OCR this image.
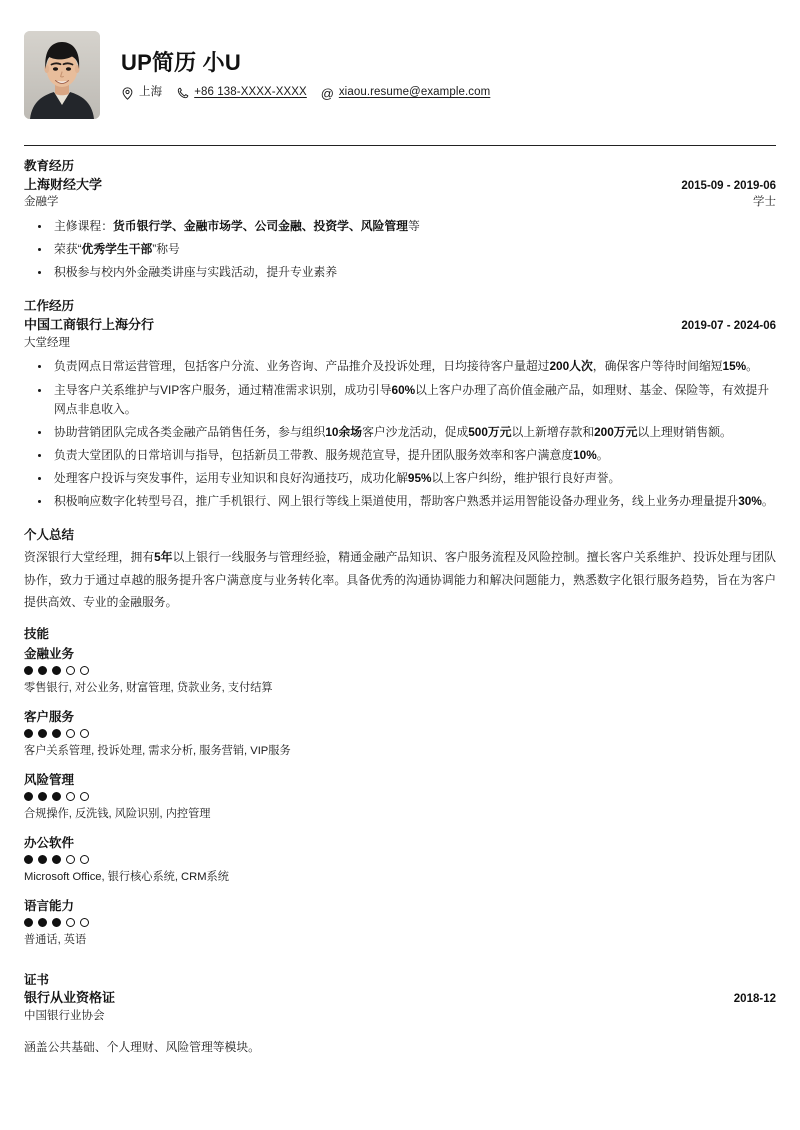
UP简历 小U
上海	+86 138-XXXX-XXXX @ xiaou.resume@example.com
教育经历
上海财经大学	2015-09 - 2019-06
金融学	学士
主修课程：货币银行学、金融市场学、公司金融、投资学、风险管理等
荣获“优秀学生干部”称号
积极参与校内外金融类讲座与实践活动，提升专业素养
工作经历
中国工商银行上海分行	2019-07 - 2024-06
大堂经理
负责网点日常运营管理，包括客户分流、业务咨询、产品推介及投诉处理，日均接待客户量超过200人次，确保客户等待时间缩短15%。
主导客户关系维护与VIP客户服务，通过精准需求识别，成功引导60%以上客户办理了高价值金融产品，如理财、基金、保险等，有效提升网点非息收入。
协助营销团队完成各类金融产品销售任务，参与组织10余场客户沙龙活动，促成500万元以上新增存款和200万元以上理财销售额。
负责大堂团队的日常培训与指导，包括新员工带教、服务规范宣导，提升团队服务效率和客户满意度10%。
处理客户投诉与突发事件，运用专业知识和良好沟通技巧，成功化解95%以上客户纠纷，维护银行良好声誉。
积极响应数字化转型号召，推广手机银行、网上银行等线上渠道使用，帮助客户熟悉并运用智能设备办理业务，线上业务办理量提升30%。
个人总结
资深银行大堂经理，拥有5年以上银行一线服务与管理经验，精通金融产品知识、客户服务流程及风险控制。擅长客户关系维护、投诉处理与团队协作，致力于通过卓越的服务提升客户满意度与业务转化率。具备优秀的沟通协调能力和解决问题能力，熟悉数字化银行服务趋势，旨在为客户提供高效、专业的金融服务。
技能
金融业务
零售银行, 对公业务, 财富管理, 贷款业务, 支付结算
客户服务
客户关系管理, 投诉处理, 需求分析, 服务营销, VIP服务
风险管理
合规操作, 反洗钱, 风险识别, 内控管理
办公软件
Microsoft Office, 银行核心系统, CRM系统
语言能力
普通话, 英语
证书
银行从业资格证	2018-12
中国银行业协会
涵盖公共基础、个人理财、风险管理等模块。
